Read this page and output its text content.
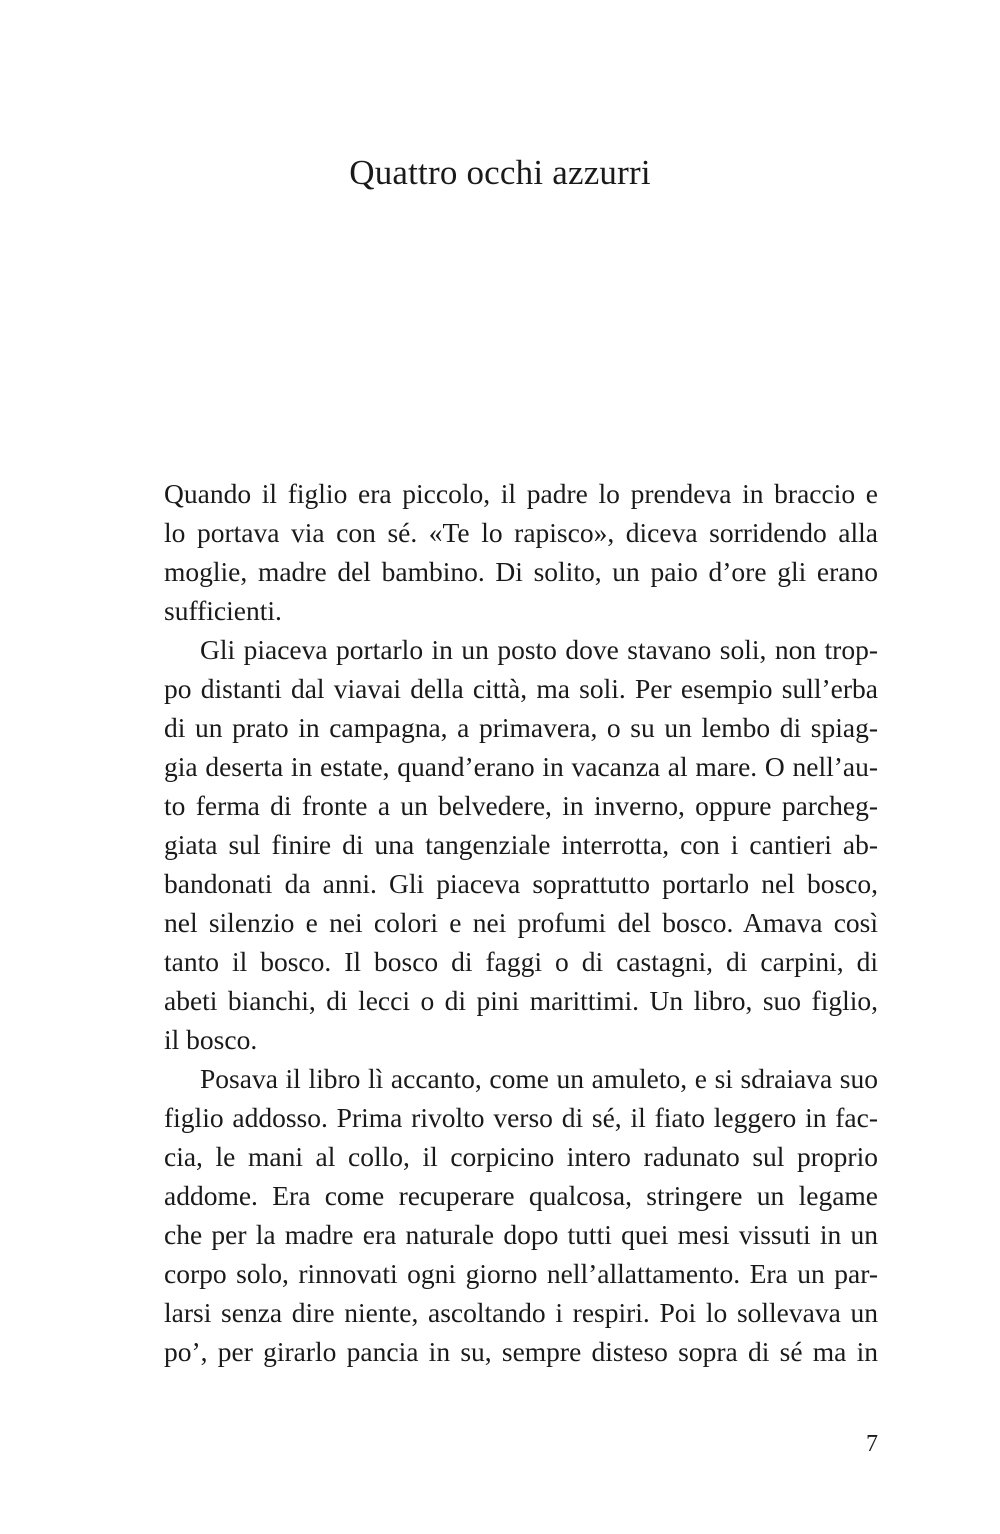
Quattro occhi azzurri

Quando il figlio era piccolo, il padre lo prendeva in braccio e

lo portava via con sé. «Te lo rapisco», diceva sorridendo alla

moglie, madre del bambino. Di solito, un paio d’ore gli erano

sufficienti.

Gli piaceva portarlo in un posto dove stavano soli, non trop-

po distanti dal viavai della città, ma soli. Per esempio sull’erba

di un prato in campagna, a primavera, o su un lembo di spiag-

gia deserta in estate, quand’erano in vacanza al mare. O nell’au-

to ferma di fronte a un belvedere, in inverno, oppure parcheg-

giata sul finire di una tangenziale interrotta, con i cantieri ab-

bandonati da anni. Gli piaceva soprattutto portarlo nel bosco,

nel silenzio e nei colori e nei profumi del bosco. Amava così

tanto il bosco. Il bosco di faggi o di castagni, di carpini, di

abeti bianchi, di lecci o di pini marittimi. Un libro, suo figlio,

il bosco.

Posava il libro lì accanto, come un amuleto, e si sdraiava suo

figlio addosso. Prima rivolto verso di sé, il fiato leggero in fac-

cia, le mani al collo, il corpicino intero radunato sul proprio

addome. Era come recuperare qualcosa, stringere un legame

che per la madre era naturale dopo tutti quei mesi vissuti in un

corpo solo, rinnovati ogni giorno nell’allattamento. Era un par-

larsi senza dire niente, ascoltando i respiri. Poi lo sollevava un

po’, per girarlo pancia in su, sempre disteso sopra di sé ma in

7
